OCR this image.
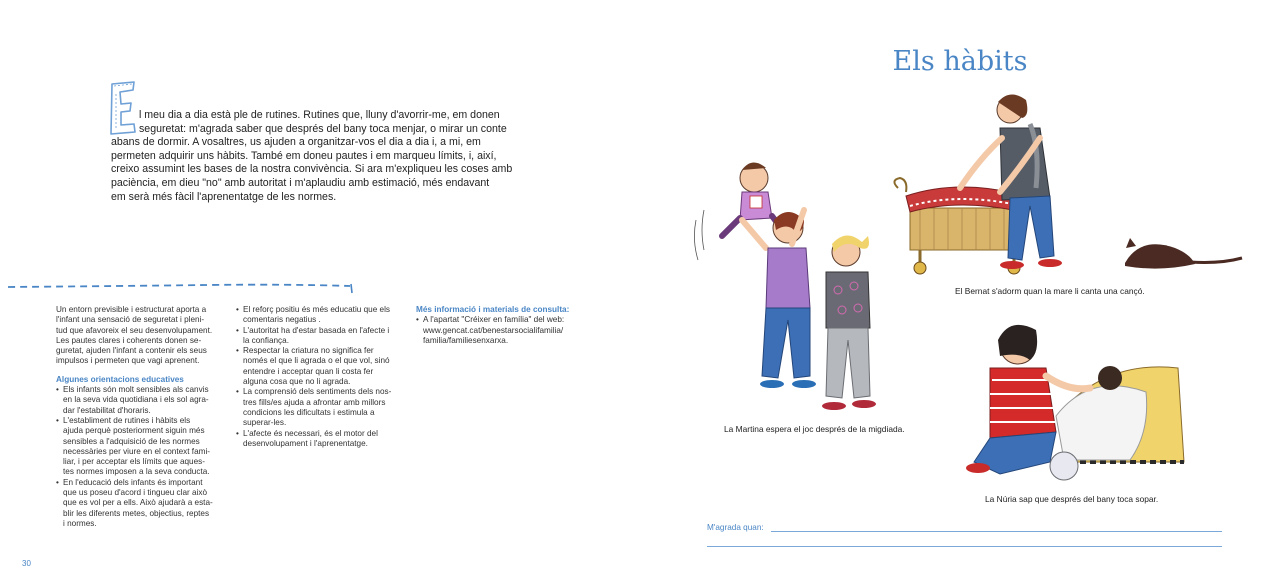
l meu dia a dia està ple de rutines. Rutines que, lluny d'avorrir-me, em donen
seguretat: m'agrada saber que després del bany toca menjar, o mirar un conte
abans de dormir. A vosaltres, us ajuden a organitzar-vos el dia a dia i, a mi, em
permeten adquirir uns hàbits. També em doneu pautes i em marqueu límits, i, així,
creixo assumint les bases de la nostra convivència. Si ara m'expliqueu les coses amb
paciència, em dieu "no" amb autoritat i m'aplaudiu amb estimació, més endavant
em serà més fàcil l'aprenentatge de les normes.

Un entorn previsible i estructurat aporta a
l'infant una sensació de seguretat i pleni-
tud que afavoreix el seu desenvolupament.
Les pautes clares i coherents donen se-
guretat, ajuden l'infant a contenir els seus
impulsos i permeten que vagi aprenent.

Algunes orientacions educatives
• Els infants són molt sensibles als canvis
en la seva vida quotidiana i els sol agra-
dar l'estabilitat d'horaris.
• L'establiment de rutines i hàbits els
ajuda perquè posteriorment siguin més
sensibles a l'adquisició de les normes
necessàries per viure en el context fami-
liar, i per acceptar els límits que aques-
tes normes imposen a la seva conducta.
• En l'educació dels infants és important
que us poseu d'acord i tingueu clar això
que es vol per a ells. Això ajudarà a esta-
blir les diferents metes, objectius, reptes
i normes.
• El reforç positiu és més educatiu que els
comentaris negatius .
• L'autoritat ha d'estar basada en l'afecte i
la confiança.
• Respectar la criatura no significa fer
només el que li agrada o el que vol, sinó
entendre i acceptar quan li costa fer
alguna cosa que no li agrada.
• La comprensió dels sentiments dels nos-
tres fills/es ajuda a afrontar amb millors
condicions les dificultats i estimula a
superar-les.
• L'afecte és necessari, és el motor del
desenvolupament i l'aprenentatge.
Més informació i materials de consulta:
• A l'apartat "Créixer en família" del web:
www.gencat.cat/benestarsocialifamilia/
familia/familiesenxarxa.
30
Els hàbits
El Bernat s'adorm quan la mare li canta una cançó.
La Martina espera el joc després de la migdiada.
La Núria sap que després del bany toca sopar.
M'agrada quan:
